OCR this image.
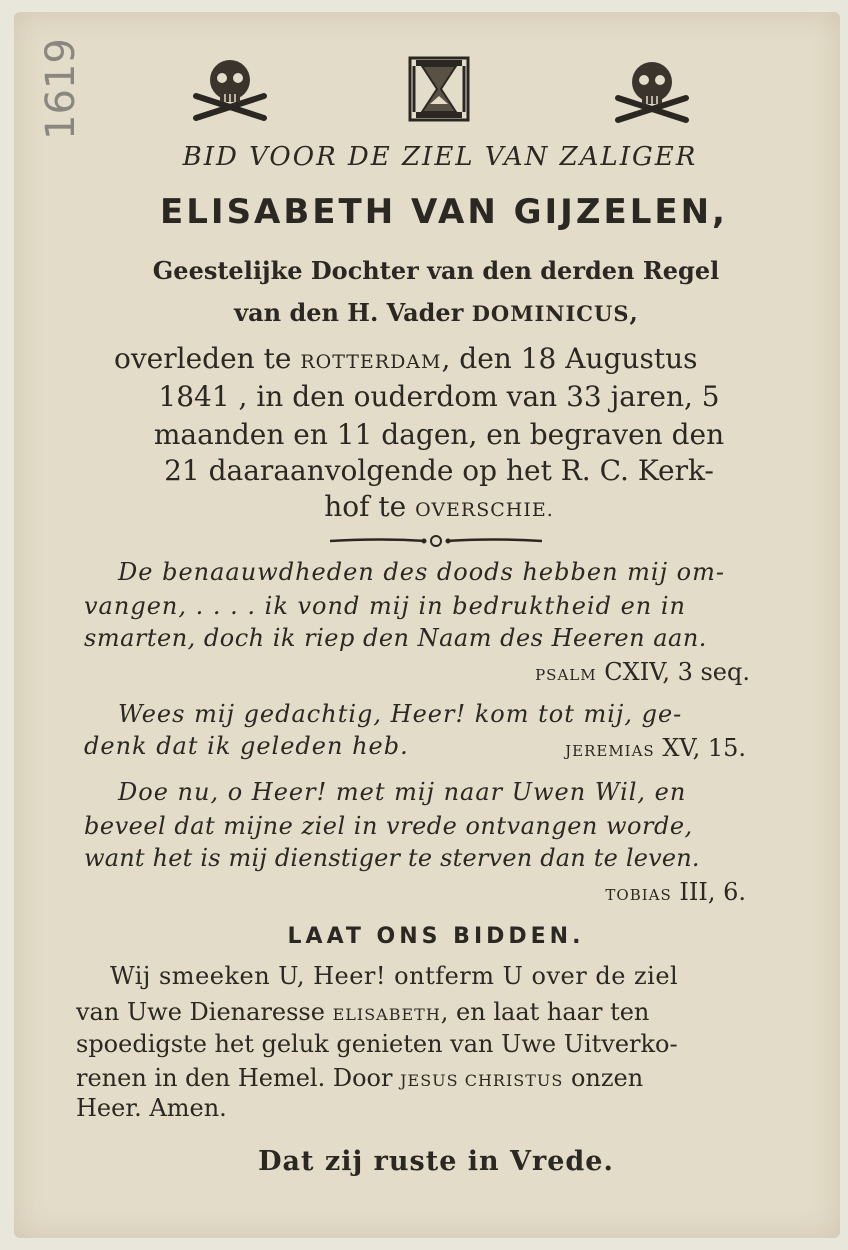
1619
BID VOOR DE ZIEL VAN ZALIGER
ELISABETH VAN GIJZELEN,
Geestelijke Dochter van den derden Regel
van den H. Vader DOMINICUS,
overleden te ROTTERDAM, den 18 Augustus
1841 , in den ouderdom van 33 jaren, 5
maanden en 11 dagen, en begraven den
21 daaraanvolgende op het R. C. Kerk-
hof te OVERSCHIE.
De benaauwdheden des doods hebben mij om-
vangen, . . . . ik vond mij in bedruktheid en in
smarten, doch ik riep den Naam des Heeren aan.
PSALM CXIV, 3 seq.
Wees mij gedachtig, Heer! kom tot mij, ge-
denk dat ik geleden heb.	JEREMIAS XV, 15.
Doe nu, o Heer! met mij naar Uwen Wil, en
beveel dat mijne ziel in vrede ontvangen worde,
want het is mij dienstiger te sterven dan te leven.
TOBIAS III, 6.
LAAT ONS BIDDEN.
Wij smeeken U, Heer! ontferm U over de ziel
van Uwe Dienaresse ELISABETH, en laat haar ten
spoedigste het geluk genieten van Uwe Uitverko-
renen in den Hemel. Door JESUS CHRISTUS onzen
Heer. Amen.
Dat zij ruste in Vrede.
